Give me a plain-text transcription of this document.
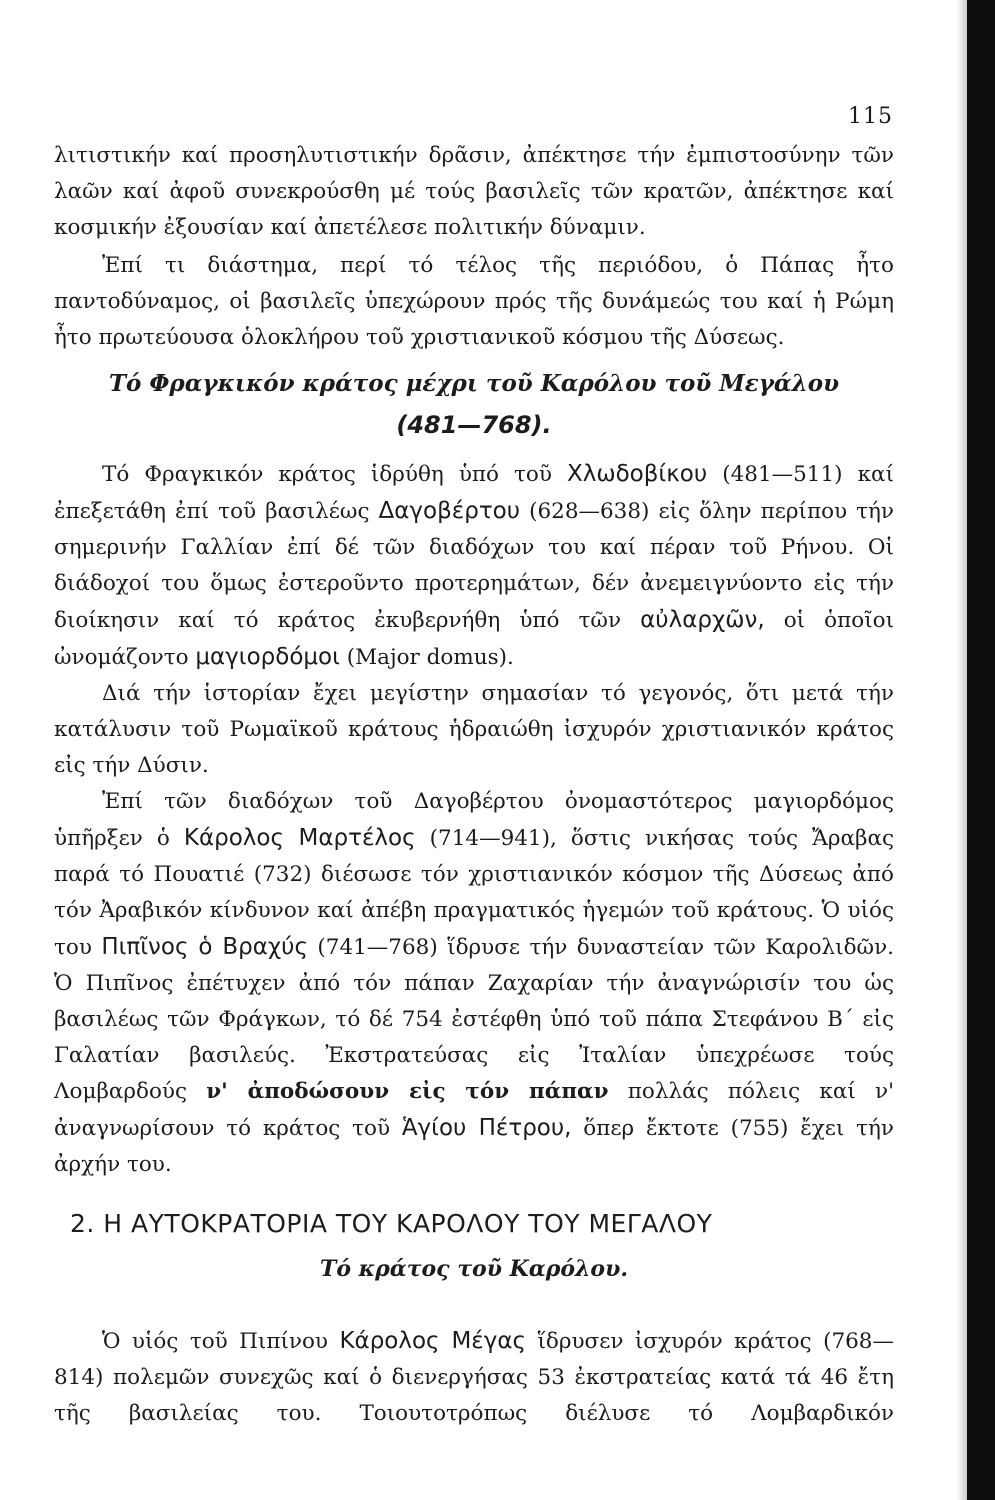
115

λιτιστικήν καί προσηλυτιστικήν δρᾶσιν, ἀπέκτησε τήν ἐμπιστοσύνην τῶν λαῶν καί ἀφοῦ συνεκρούσθη μέ τούς βασιλεῖς τῶν κρατῶν, ἀπέκτησε καί κοσμικήν ἐξουσίαν καί ἀπετέλεσε πολιτικήν δύναμιν.

Ἐπί τι διάστημα, περί τό τέλος τῆς περιόδου, ὁ Πάπας ἦτο παντοδύναμος, οἱ βασιλεῖς ὑπεχώρουν πρός τῆς δυνάμεώς του καί ἡ Ρώμη ἦτο πρωτεύουσα ὁλοκλήρου τοῦ χριστιανικοῦ κόσμου τῆς Δύσεως.

Τό Φραγκικόν κράτος μέχρι τοῦ Καρόλου τοῦ Μεγάλου

(481—768).

Τό Φραγκικόν κράτος ἱδρύθη ὑπό τοῦ Χλωδοβίκου (481—511) καί ἐπεξετάθη ἐπί τοῦ βασιλέως Δαγοβέρτου (628—638) εἰς ὅλην περίπου τήν σημερινήν Γαλλίαν ἐπί δέ τῶν διαδόχων του καί πέραν τοῦ Ρήνου. Οἱ διάδοχοί του ὅμως ἐστεροῦντο προτερημάτων, δέν ἀνεμειγνύοντο εἰς τήν διοίκησιν καί τό κράτος ἐκυβερνήθη ὑπό τῶν αὐλαρχῶν, οἱ ὁποῖοι ὠνομάζοντο μαγιορδόμοι (Major domus).

Διά τήν ἱστορίαν ἔχει μεγίστην σημασίαν τό γεγονός, ὅτι μετά τήν κατάλυσιν τοῦ Ρωμαϊκοῦ κράτους ἡδραιώθη ἰσχυρόν χριστιανικόν κράτος εἰς τήν Δύσιν.

Ἐπί τῶν διαδόχων τοῦ Δαγοβέρτου ὀνομαστότερος μαγιορδόμος ὑπῆρξεν ὁ Κάρολος Μαρτέλος (714—941), ὅστις νικήσας τούς Ἄραβας παρά τό Πουατιέ (732) διέσωσε τόν χριστιανικόν κόσμον τῆς Δύσεως ἀπό τόν Ἀραβικόν κίνδυνον καί ἀπέβη πραγματικός ἡγεμών τοῦ κράτους. Ὁ υἱός του Πιπῖνος ὁ Βραχύς (741—768) ἵδρυσε τήν δυναστείαν τῶν Καρολιδῶν. Ὁ Πιπῖνος ἐπέτυχεν ἀπό τόν πάπαν Ζαχαρίαν τήν ἀναγνώρισίν του ὡς βασιλέως τῶν Φράγκων, τό δέ 754 ἐστέφθη ὑπό τοῦ πάπα Στεφάνου Β΄ εἰς Γαλατίαν βασιλεύς. Ἐκστρατεύσας εἰς Ἰταλίαν ὑπεχρέωσε τούς Λομβαρδούς ν' ἀποδώσουν εἰς τόν πάπαν πολλάς πόλεις καί ν' ἀναγνωρίσουν τό κράτος τοῦ Ἁγίου Πέτρου, ὅπερ ἔκτοτε (755) ἔχει τήν ἀρχήν του.

2. Η ΑΥΤΟΚΡΑΤΟΡΙΑ ΤΟΥ ΚΑΡΟΛΟΥ ΤΟΥ ΜΕΓΑΛΟΥ

Τό κράτος τοῦ Καρόλου.

Ὁ υἱός τοῦ Πιπίνου Κάρολος Μέγας ἵδρυσεν ἰσχυρόν κράτος (768—814) πολεμῶν συνεχῶς καί ὁ διενεργήσας 53 ἐκστρατείας κατά τά 46 ἔτη τῆς βασιλείας του. Τοιουτοτρόπως διέλυσε τό Λομβαρδικόν
